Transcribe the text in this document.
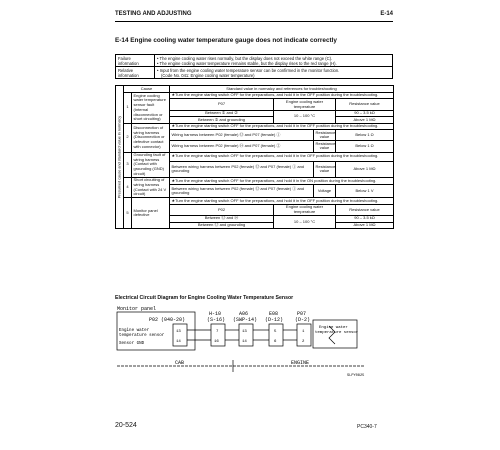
TESTING AND ADJUSTING	E-14
E-14 Engine cooling water temperature gauge does not indicate correctly
Failure information	• The engine cooling water rises normally, but the display does not exceed the white range (C).
• The engine cooling water temperature remains stable, but the display rises to the red range (H).

Relative information	• Input from the engine cooling water temperature sensor can be confirmed in the monitor function.
(Code No. 041: Engine cooling water temperature)
Presumed cause and standard value in normalcy	Cause		Standard value in normalcy and references for troubleshooting			
	1	Engine cooling water temperature sensor fault (Internal disconnection or short circuiting)	★Turn the engine starting switch OFF for the preparations, and hold it in the OFF position during the troubleshooting.			
			P07	Engine cooling water temperature		Resistance value
			Between ① and ②	10 – 100 °C		90 – 3.5 kΩ
			Between ② and grounding			Above 1 MΩ
	2	Disconnection of wiring harness (Disconnection or defective contact with connector)	★Turn the engine starting switch OFF for the preparations, and hold it in the OFF position during the troubleshooting.			
			Wiring harness between P02 (female) ⑬ and P07 (female) ①		Resistance value	Below 1 Ω
			Wiring harness between P02 (female) ⑭ and P07 (female) ②		Resistance value	Below 1 Ω
	3	Grounding fault of wiring harness (Contact with grounding (GND) circuit)	★Turn the engine starting switch OFF for the preparations, and hold it in the OFF position during the troubleshooting.			
			Between wiring harness between P02 (female) ⑬ and P07 (female) ① and grounding		Resistance value	Above 1 MΩ
	4	Short circuiting of wiring harness (Contact with 24 V circuit)	★Turn the engine starting switch OFF for the preparations, and hold it in the ON position during the troubleshooting.			
			Between wiring harness between P02 (female) ⑬ and P07 (female) ① and grounding		Voltage	Below 1 V
	5	Monitor panel defective	★Turn the engine starting switch OFF for the preparations, and hold it in the OFF position during the troubleshooting.			
			P02	Engine cooling water temperature		Resistance value
			Between ⑬ and ⑭	10 – 100 °C		90 – 3.5 kΩ
			Between ⑬ and grounding			Above 1 MΩ
Electrical Circuit Diagram for Engine Cooling Water Temperature Sensor
Monitor panel
P02 (040-20)
Engine water
temperature sensor
Sensor GND
H-10
(S-16)
A06
(SWP-14)
E08
(D-12)
P07
(D-2)
Engine water
temperature sensor
CAB	ENGINE
SLPY0825
13
14
7
16
13
14
5
6
1
2
20-524	PC340-7
